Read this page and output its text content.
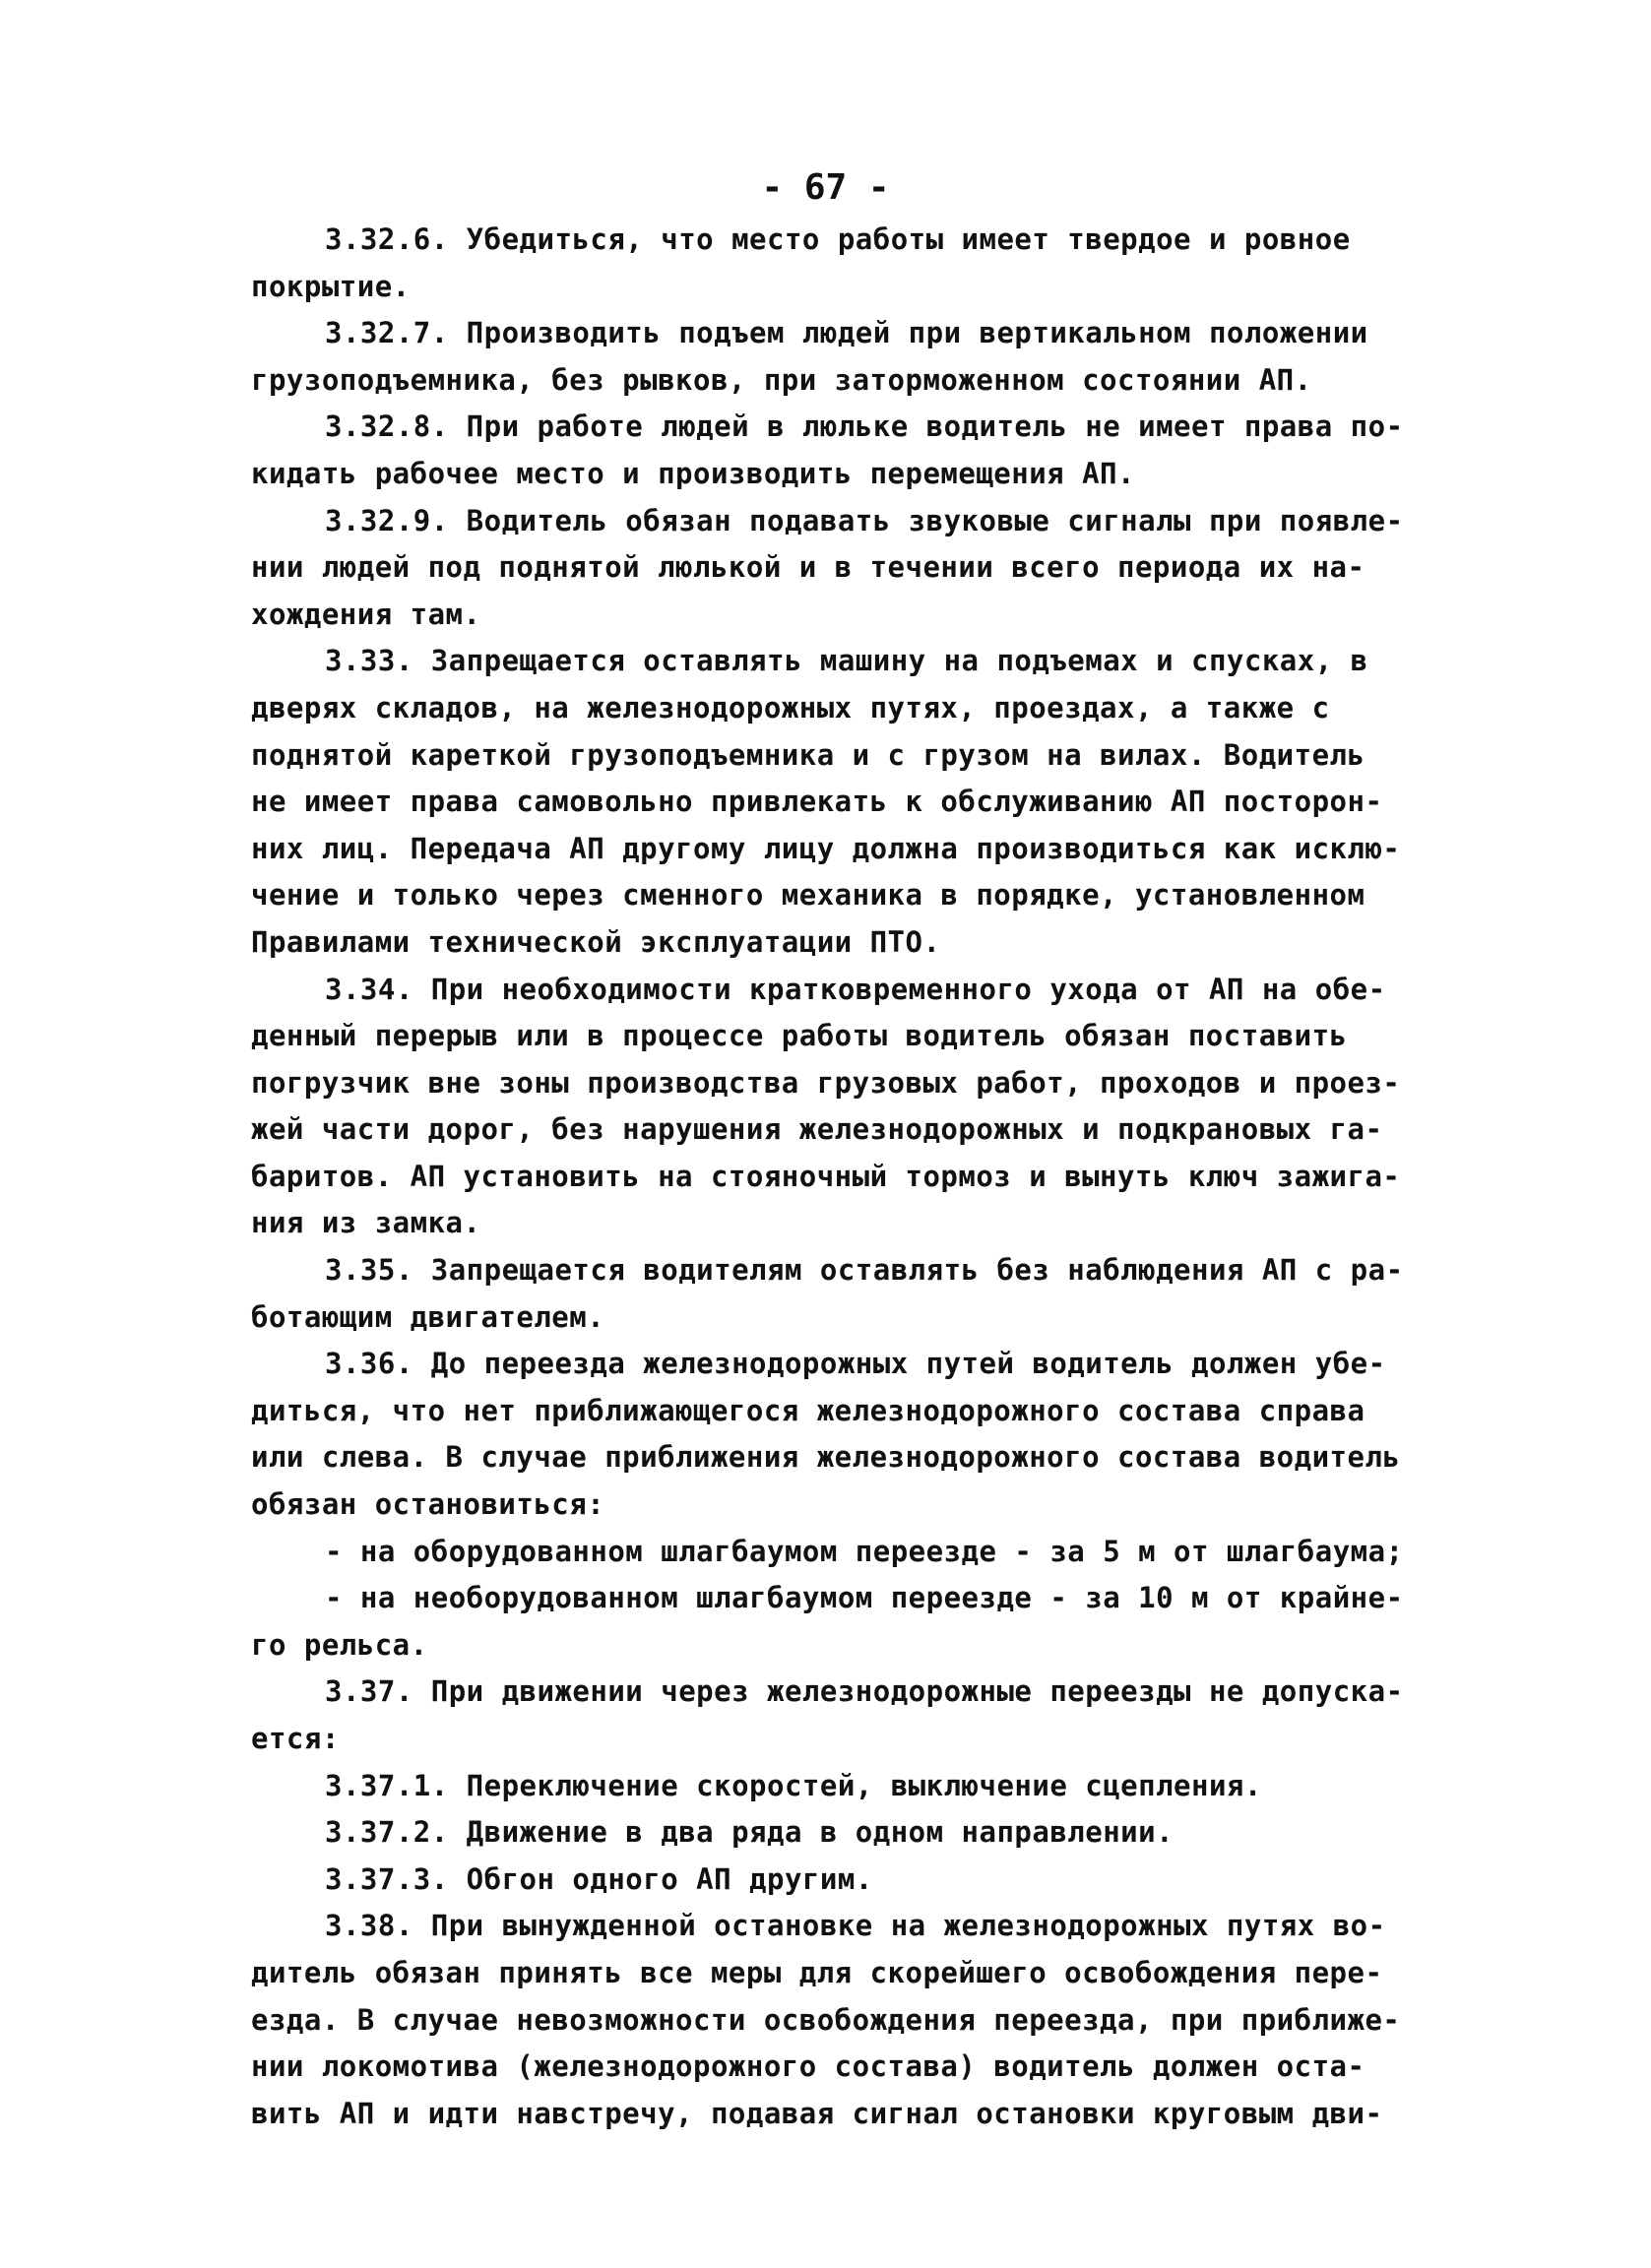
- 67 -
3.32.6. Убедиться, что место работы имеет твердое и ровное
покрытие.
3.32.7. Производить подъем людей при вертикальном положении
грузоподъемника, без рывков, при заторможенном состоянии АП.
3.32.8. При работе людей в люльке водитель не имеет права по-
кидать рабочее место и производить перемещения АП.
3.32.9. Водитель обязан подавать звуковые сигналы при появле-
нии людей под поднятой люлькой и в течении всего периода их на-
хождения там.
3.33. Запрещается оставлять машину на подъемах и спусках, в
дверях складов, на железнодорожных путях, проездах, а также с
поднятой кареткой грузоподъемника и с грузом на вилах. Водитель
не имеет права самовольно привлекать к обслуживанию АП посторон-
них лиц. Передача АП другому лицу должна производиться как исклю-
чение и только через сменного механика в порядке, установленном
Правилами технической эксплуатации ПТО.
3.34. При необходимости кратковременного ухода от АП на обе-
денный перерыв или в процессе работы водитель обязан поставить
погрузчик вне зоны производства грузовых работ, проходов и проез-
жей части дорог, без нарушения железнодорожных и подкрановых га-
баритов. АП установить на стояночный тормоз и вынуть ключ зажига-
ния из замка.
3.35. Запрещается водителям оставлять без наблюдения АП с ра-
ботающим двигателем.
3.36. До переезда железнодорожных путей водитель должен убе-
диться, что нет приближающегося железнодорожного состава справа
или слева. В случае приближения железнодорожного состава водитель
обязан остановиться:
- на оборудованном шлагбаумом переезде - за 5 м от шлагбаума;
- на необорудованном шлагбаумом переезде - за 10 м от крайне-
го рельса.
3.37. При движении через железнодорожные переезды не допуска-
ется:
3.37.1. Переключение скоростей, выключение сцепления.
3.37.2. Движение в два ряда в одном направлении.
3.37.3. Обгон одного АП другим.
3.38. При вынужденной остановке на железнодорожных путях во-
дитель обязан принять все меры для скорейшего освобождения пере-
езда. В случае невозможности освобождения переезда, при приближе-
нии локомотива (железнодорожного состава) водитель должен оста-
вить АП и идти навстречу, подавая сигнал остановки круговым дви-
